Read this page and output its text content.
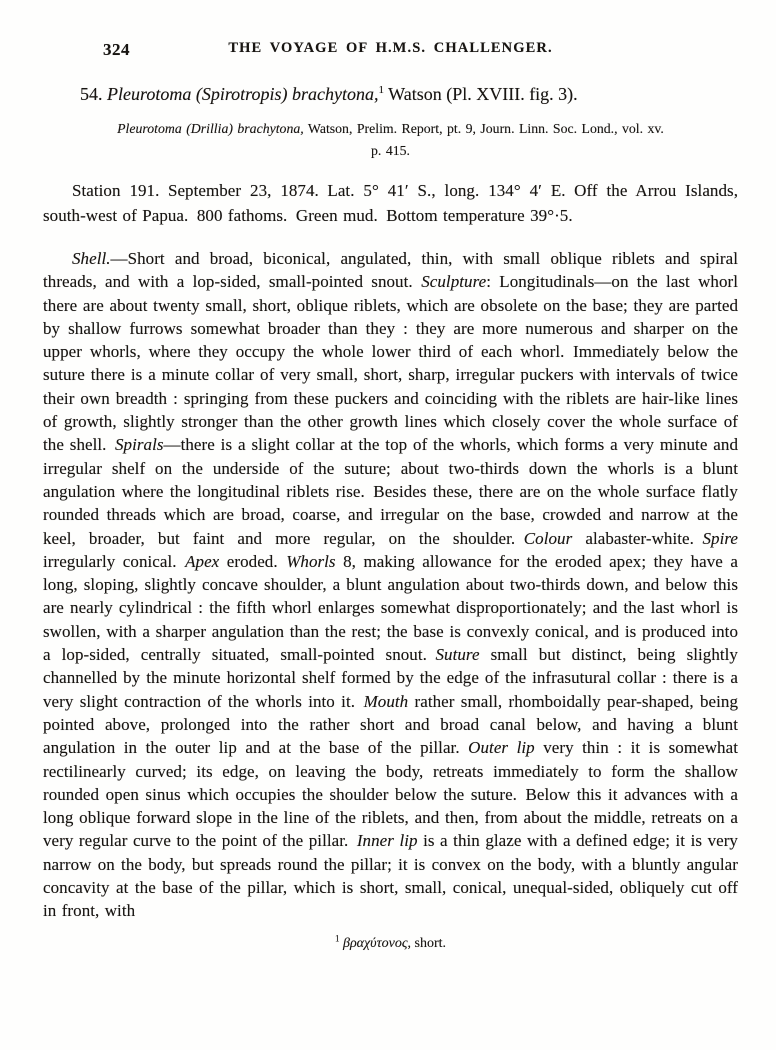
324	THE VOYAGE OF H.M.S. CHALLENGER.
54. Pleurotoma (Spirotropis) brachytona,$^1$ Watson (Pl. XVIII. fig. 3).
Pleurotoma (Drillia) brachytona, Watson, Prelim. Report, pt. 9, Journ. Linn. Soc. Lond., vol. xv.
p. 415.

Station 191. September 23, 1874. Lat. 5° 41′ S., long. 134° 4′ E. Off the Arrou Islands, south-west of Papua. 800 fathoms. Green mud. Bottom temperature 39°·5.

Shell.—Short and broad, biconical, angulated, thin, with small oblique riblets and spiral threads, and with a lop-sided, small-pointed snout. Sculpture: Longitudinals—on the last whorl there are about twenty small, short, oblique riblets, which are obsolete on the base; they are parted by shallow furrows somewhat broader than they : they are more numerous and sharper on the upper whorls, where they occupy the whole lower third of each whorl. Immediately below the suture there is a minute collar of very small, short, sharp, irregular puckers with intervals of twice their own breadth : springing from these puckers and coinciding with the riblets are hair-like lines of growth, slightly stronger than the other growth lines which closely cover the whole surface of the shell. Spirals—there is a slight collar at the top of the whorls, which forms a very minute and irregular shelf on the underside of the suture; about two-thirds down the whorls is a blunt angulation where the longitudinal riblets rise. Besides these, there are on the whole surface flatly rounded threads which are broad, coarse, and irregular on the base, crowded and narrow at the keel, broader, but faint and more regular, on the shoulder. Colour alabaster-white. Spire irregularly conical. Apex eroded. Whorls 8, making allowance for the eroded apex; they have a long, sloping, slightly concave shoulder, a blunt angulation about two-thirds down, and below this are nearly cylindrical : the fifth whorl enlarges somewhat disproportionately; and the last whorl is swollen, with a sharper angulation than the rest; the base is convexly conical, and is produced into a lop-sided, centrally situated, small-pointed snout. Suture small but distinct, being slightly channelled by the minute horizontal shelf formed by the edge of the infrasutural collar : there is a very slight contraction of the whorls into it. Mouth rather small, rhomboidally pear-shaped, being pointed above, prolonged into the rather short and broad canal below, and having a blunt angulation in the outer lip and at the base of the pillar. Outer lip very thin : it is somewhat rectilinearly curved; its edge, on leaving the body, retreats immediately to form the shallow rounded open sinus which occupies the shoulder below the suture. Below this it advances with a long oblique forward slope in the line of the riblets, and then, from about the middle, retreats on a very regular curve to the point of the pillar. Inner lip is a thin glaze with a defined edge; it is very narrow on the body, but spreads round the pillar; it is convex on the body, with a bluntly angular concavity at the base of the pillar, which is short, small, conical, unequal-sided, obliquely cut off in front, with

$^1$ βραχύτονος, short.
